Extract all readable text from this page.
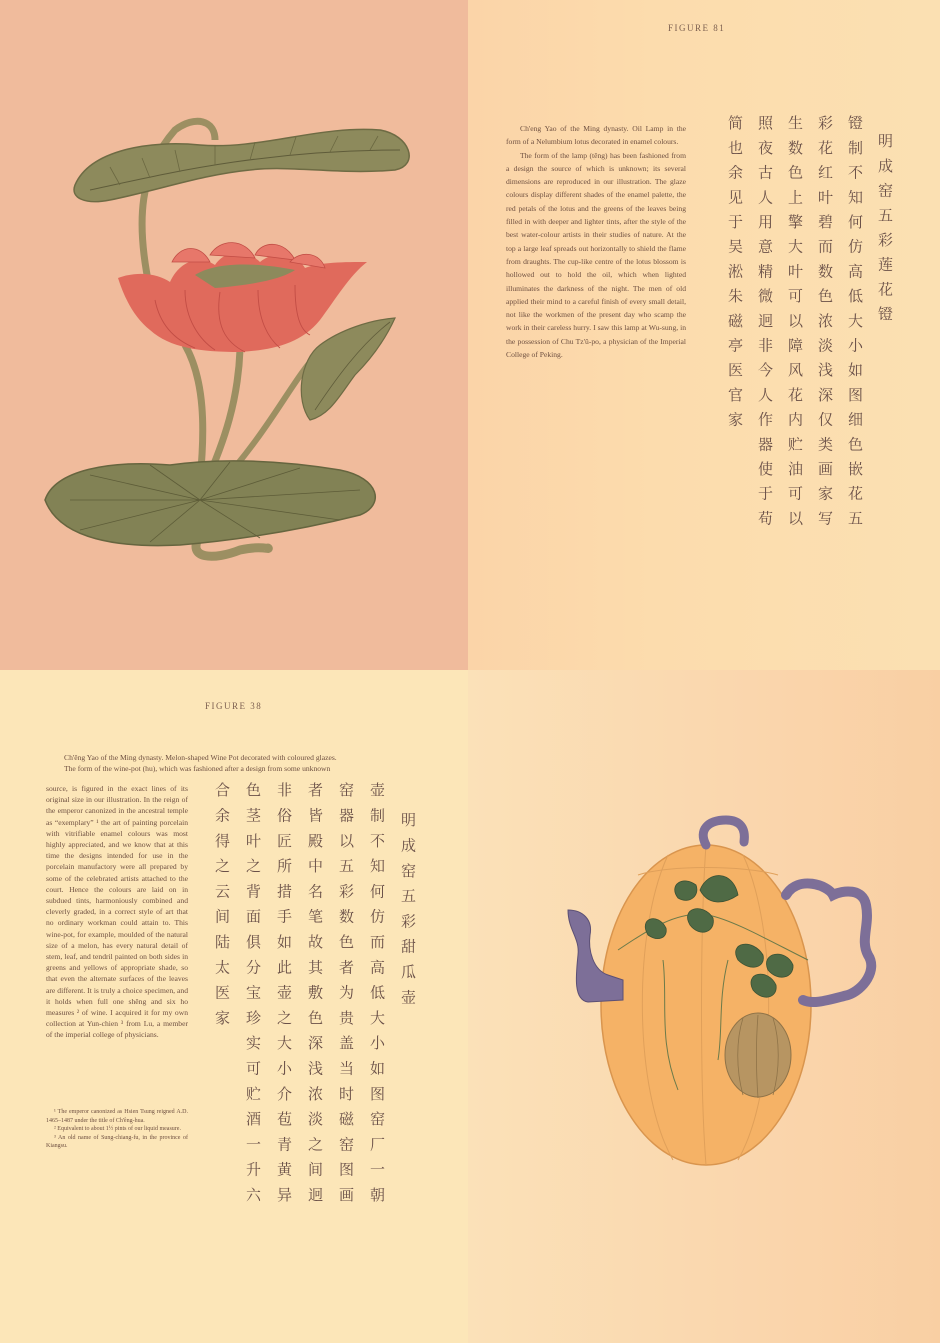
FIGURE 81

Ch'eng Yao of the Ming dynasty. Oil Lamp in the form of a Nelumbium lotus decorated in enamel colours.

The form of the lamp (têng) has been fashioned from a design the source of which is unknown; its several dimensions are reproduced in our illustration. The glaze colours display different shades of the enamel palette, the red petals of the lotus and the greens of the leaves being filled in with deeper and lighter tints, after the style of the best water-colour artists in their studies of nature. At the top a large leaf spreads out horizontally to shield the flame from draughts. The cup-like centre of the lotus blossom is hollowed out to hold the oil, which when lighted illuminates the darkness of the night. The men of old applied their mind to a careful finish of every small detail, not like the workmen of the present day who scamp the work in their careless hurry. I saw this lamp at Wu-sung, in the possession of Chu Tz'ŭ-po, a physician of the Imperial College of Peking.

明成窑五彩莲花镫
镫制不知何仿高低大小如图细色嵌花五
彩花红叶碧而数色浓淡浅深仅类画家写
生数色上擎大叶可以障风花内贮油可以
照夜古人用意精微迥非今人作器使于苟
简也余见于吴淞朱磁亭医官家
FIGURE 38

Ch'êng Yao of the Ming dynasty. Melon-shaped Wine Pot decorated with coloured glazes.

The form of the wine-pot (hu), which was fashioned after a design from some unknown

source, is figured in the exact lines of its original size in our illustration. In the reign of the emperor canonized in the ancestral temple as “exemplary” ¹ the art of painting porcelain with vitrifiable enamel colours was most highly appreciated, and we know that at this time the designs intended for use in the porcelain manufactory were all prepared by some of the celebrated artists attached to the court. Hence the colours are laid on in subdued tints, harmoniously combined and cleverly graded, in a correct style of art that no ordinary workman could attain to. This wine-pot, for example, moulded of the natural size of a melon, has every natural detail of stem, leaf, and tendril painted on both sides in greens and yellows of appropriate shade, so that even the alternate surfaces of the leaves are different. It is truly a choice specimen, and it holds when full one shêng and six ho measures ² of wine. I acquired it for my own collection at Yun-chien ³ from Lu, a member of the imperial college of physicians.

¹ The emperor canonized as Hsien Tsung reigned A.D. 1465–1487 under the title of Ch'êng-hua.

² Equivalent to about 1½ pints of our liquid measure.

³ An old name of Sung-chiang-fu, in the province of Kiangsu.

明成窑五彩甜瓜壶
壶制不知何仿而高低大小如图窑厂一朝
窑器以五彩数色者为贵盖当时磁窑图画
者皆殿中名笔故其敷色深浅浓淡之间迥
非俗匠所措手如此壶之大小介苞青黄异
色茎叶之背面俱分宝珍实可贮酒一升六
合余得之云间陆太医家
